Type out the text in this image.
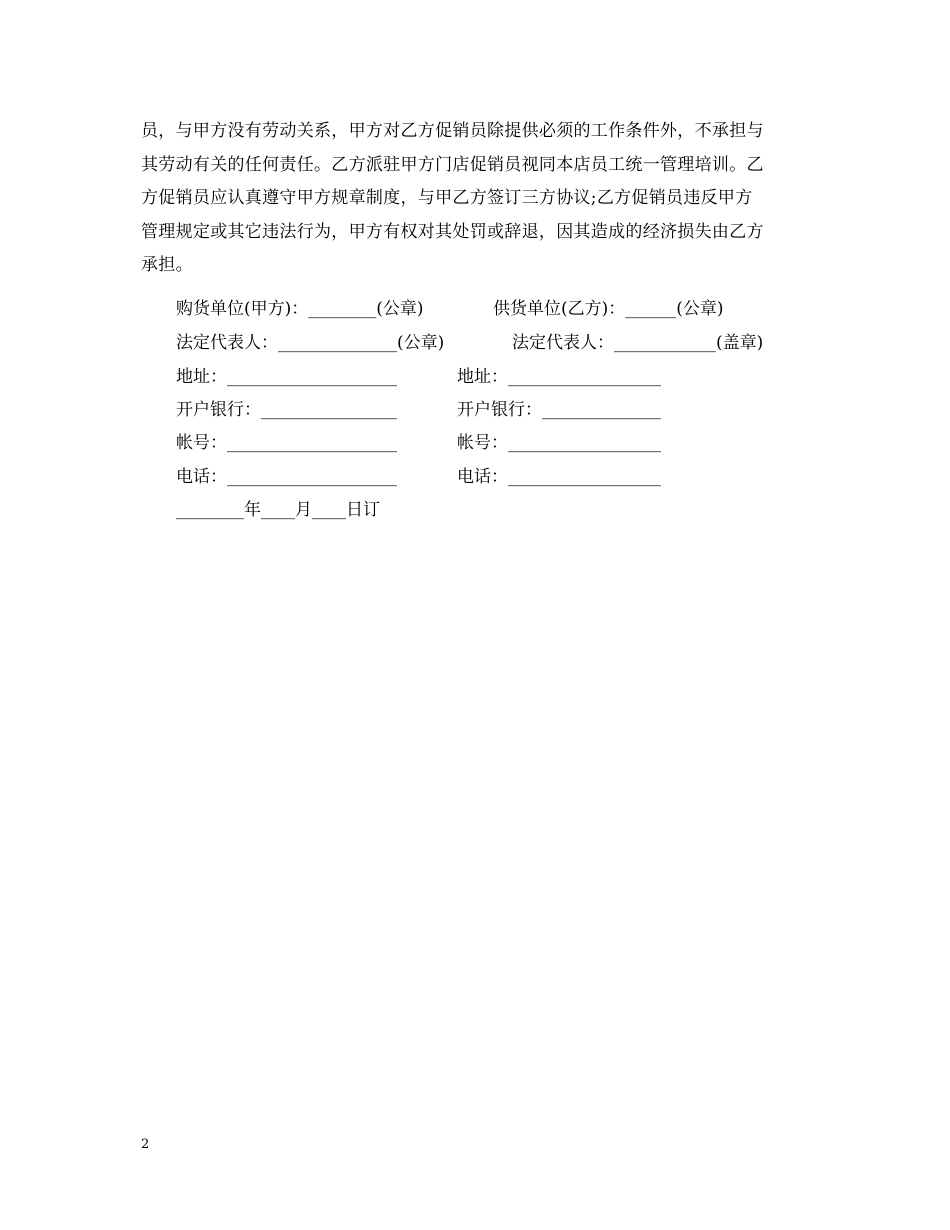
员，与甲方没有劳动关系，甲方对乙方促销员除提供必须的工作条件外，不承担与
其劳动有关的任何责任。乙方派驻甲方门店促销员视同本店员工统一管理培训。乙
方促销员应认真遵守甲方规章制度，与甲乙方签订三方协议;乙方促销员违反甲方
管理规定或其它违法行为，甲方有权对其处罚或辞退，因其造成的经济损失由乙方
承担。
购货单位(甲方)：________(公章)	供货单位(乙方)：______(公章)
法定代表人：______________(公章)	法定代表人：____________(盖章)
地址：____________________	地址：__________________
开户银行：________________	开户银行：______________
帐号：____________________	帐号：__________________
电话：____________________	电话：__________________
________年____月____日订
2
